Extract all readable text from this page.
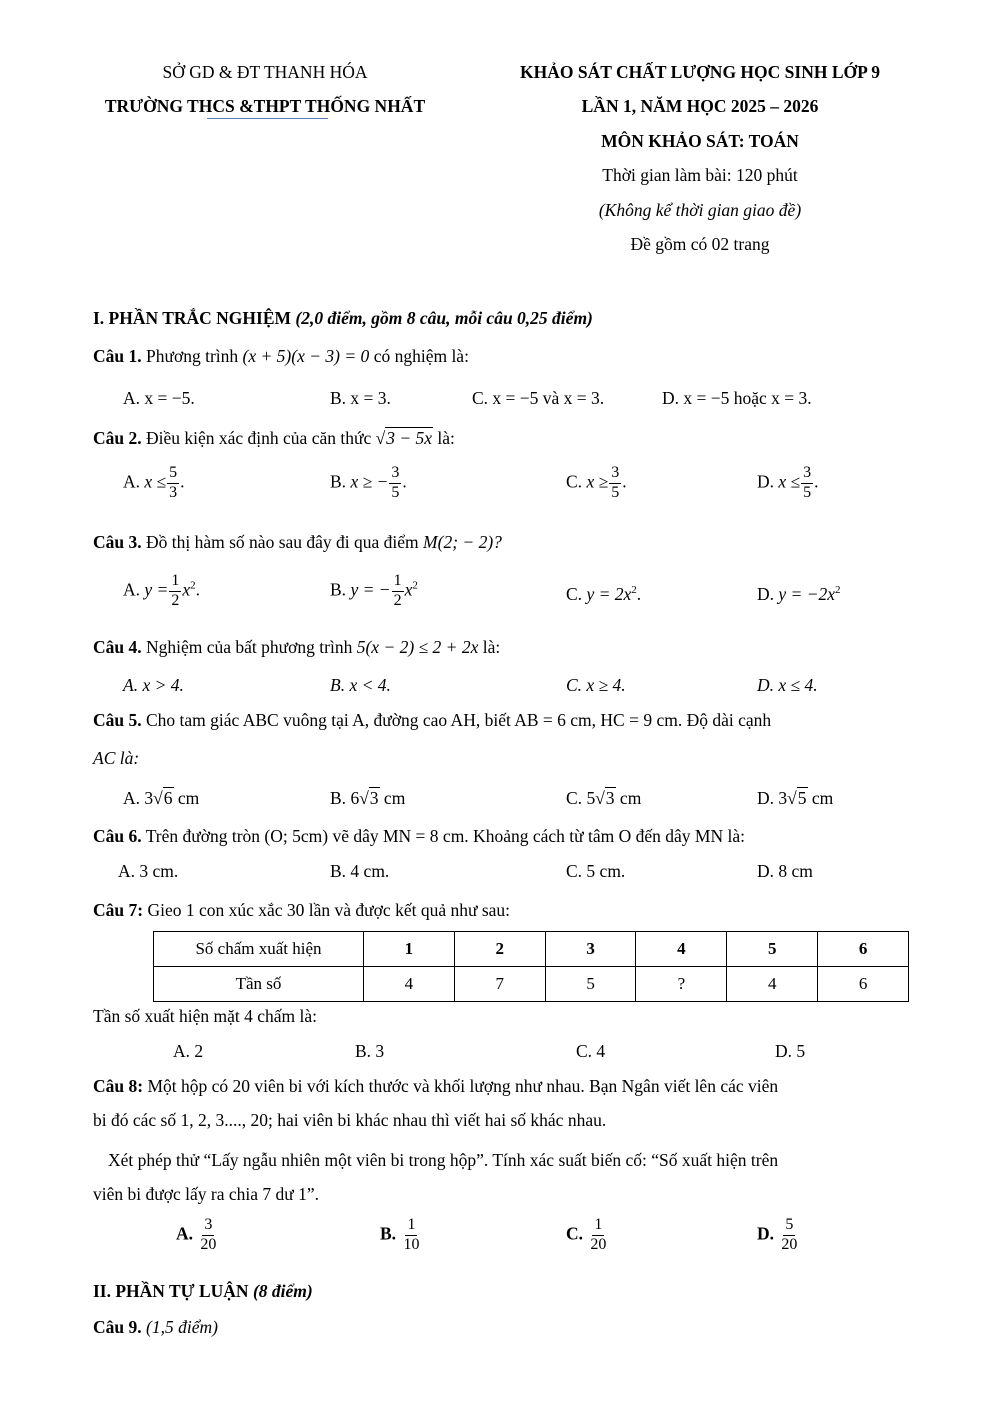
SỞ GD & ĐT THANH HÓA
TRƯỜNG THCS &THPT THỐNG NHẤT
KHẢO SÁT CHẤT LƯỢNG HỌC SINH LỚP 9
LẦN 1, NĂM HỌC 2025 – 2026
MÔN KHẢO SÁT: TOÁN
Thời gian làm bài: 120 phút
(Không kể thời gian giao đề)
Đề gồm có 02 trang
I. PHẦN TRẮC NGHIỆM (2,0 điểm, gồm 8 câu, mỗi câu 0,25 điểm)
Câu 1. Phương trình (x + 5)(x − 3) = 0 có nghiệm là:
A. x = −5.	B. x = 3.	C. x = −5 và x = 3.	D. x = −5 hoặc x = 3.
Câu 2. Điều kiện xác định của căn thức √3 − 5x là:
A. $x \le \frac{5}{3}$ .	B. x ≥ − $\frac{3}{5}$ .	C. $x \ge \frac{3}{5}$ .	D. $x \le \frac{3}{5}$ .
Câu 3. Đồ thị hàm số nào sau đây đi qua điểm M(2; − 2)?
A. $y = \frac{1}{2} x^2$.	B. y = − $\frac{1}{2} x^2$	C. $y = 2x^2$.	D. $y = -2x^2$
Câu 4. Nghiệm của bất phương trình 5(x − 2) ≤ 2 + 2x là:
A. x > 4.	B. x < 4.	C. x ≥ 4.	D. x ≤ 4.
Câu 5. Cho tam giác ABC vuông tại A, đường cao AH, biết AB = 6 cm, HC = 9 cm. Độ dài cạnh
AC là:
A. 3√6 cm	B. 6√3 cm	C. 5√3 cm	D. 3√5 cm
Câu 6. Trên đường tròn (O; 5cm) vẽ dây MN = 8 cm. Khoảng cách từ tâm O đến dây MN là:
A. 3 cm.	B. 4 cm.	C. 5 cm.	D. 8 cm
Câu 7: Gieo 1 con xúc xắc 30 lần và được kết quả như sau:
Số chấm xuất hiện	1	2	3	4	5	6
Tần số	4	7	5	?	4	6
Tần số xuất hiện mặt 4 chấm là:
A. 2	B. 3	C. 4	D. 5
Câu 8: Một hộp có 20 viên bi với kích thước và khối lượng như nhau. Bạn Ngân viết lên các viên
bi đó các số 1, 2, 3...., 20; hai viên bi khác nhau thì viết hai số khác nhau.
Xét phép thử “Lấy ngẫu nhiên một viên bi trong hộp”. Tính xác suất biến cố: “Số xuất hiện trên
viên bi được lấy ra chia 7 dư 1”.
A. $\frac{3}{20}$	B. $\frac{1}{10}$	C. $\frac{1}{20}$	D. $\frac{5}{20}$
II. PHẦN TỰ LUẬN (8 điểm)
Câu 9. (1,5 điểm)
